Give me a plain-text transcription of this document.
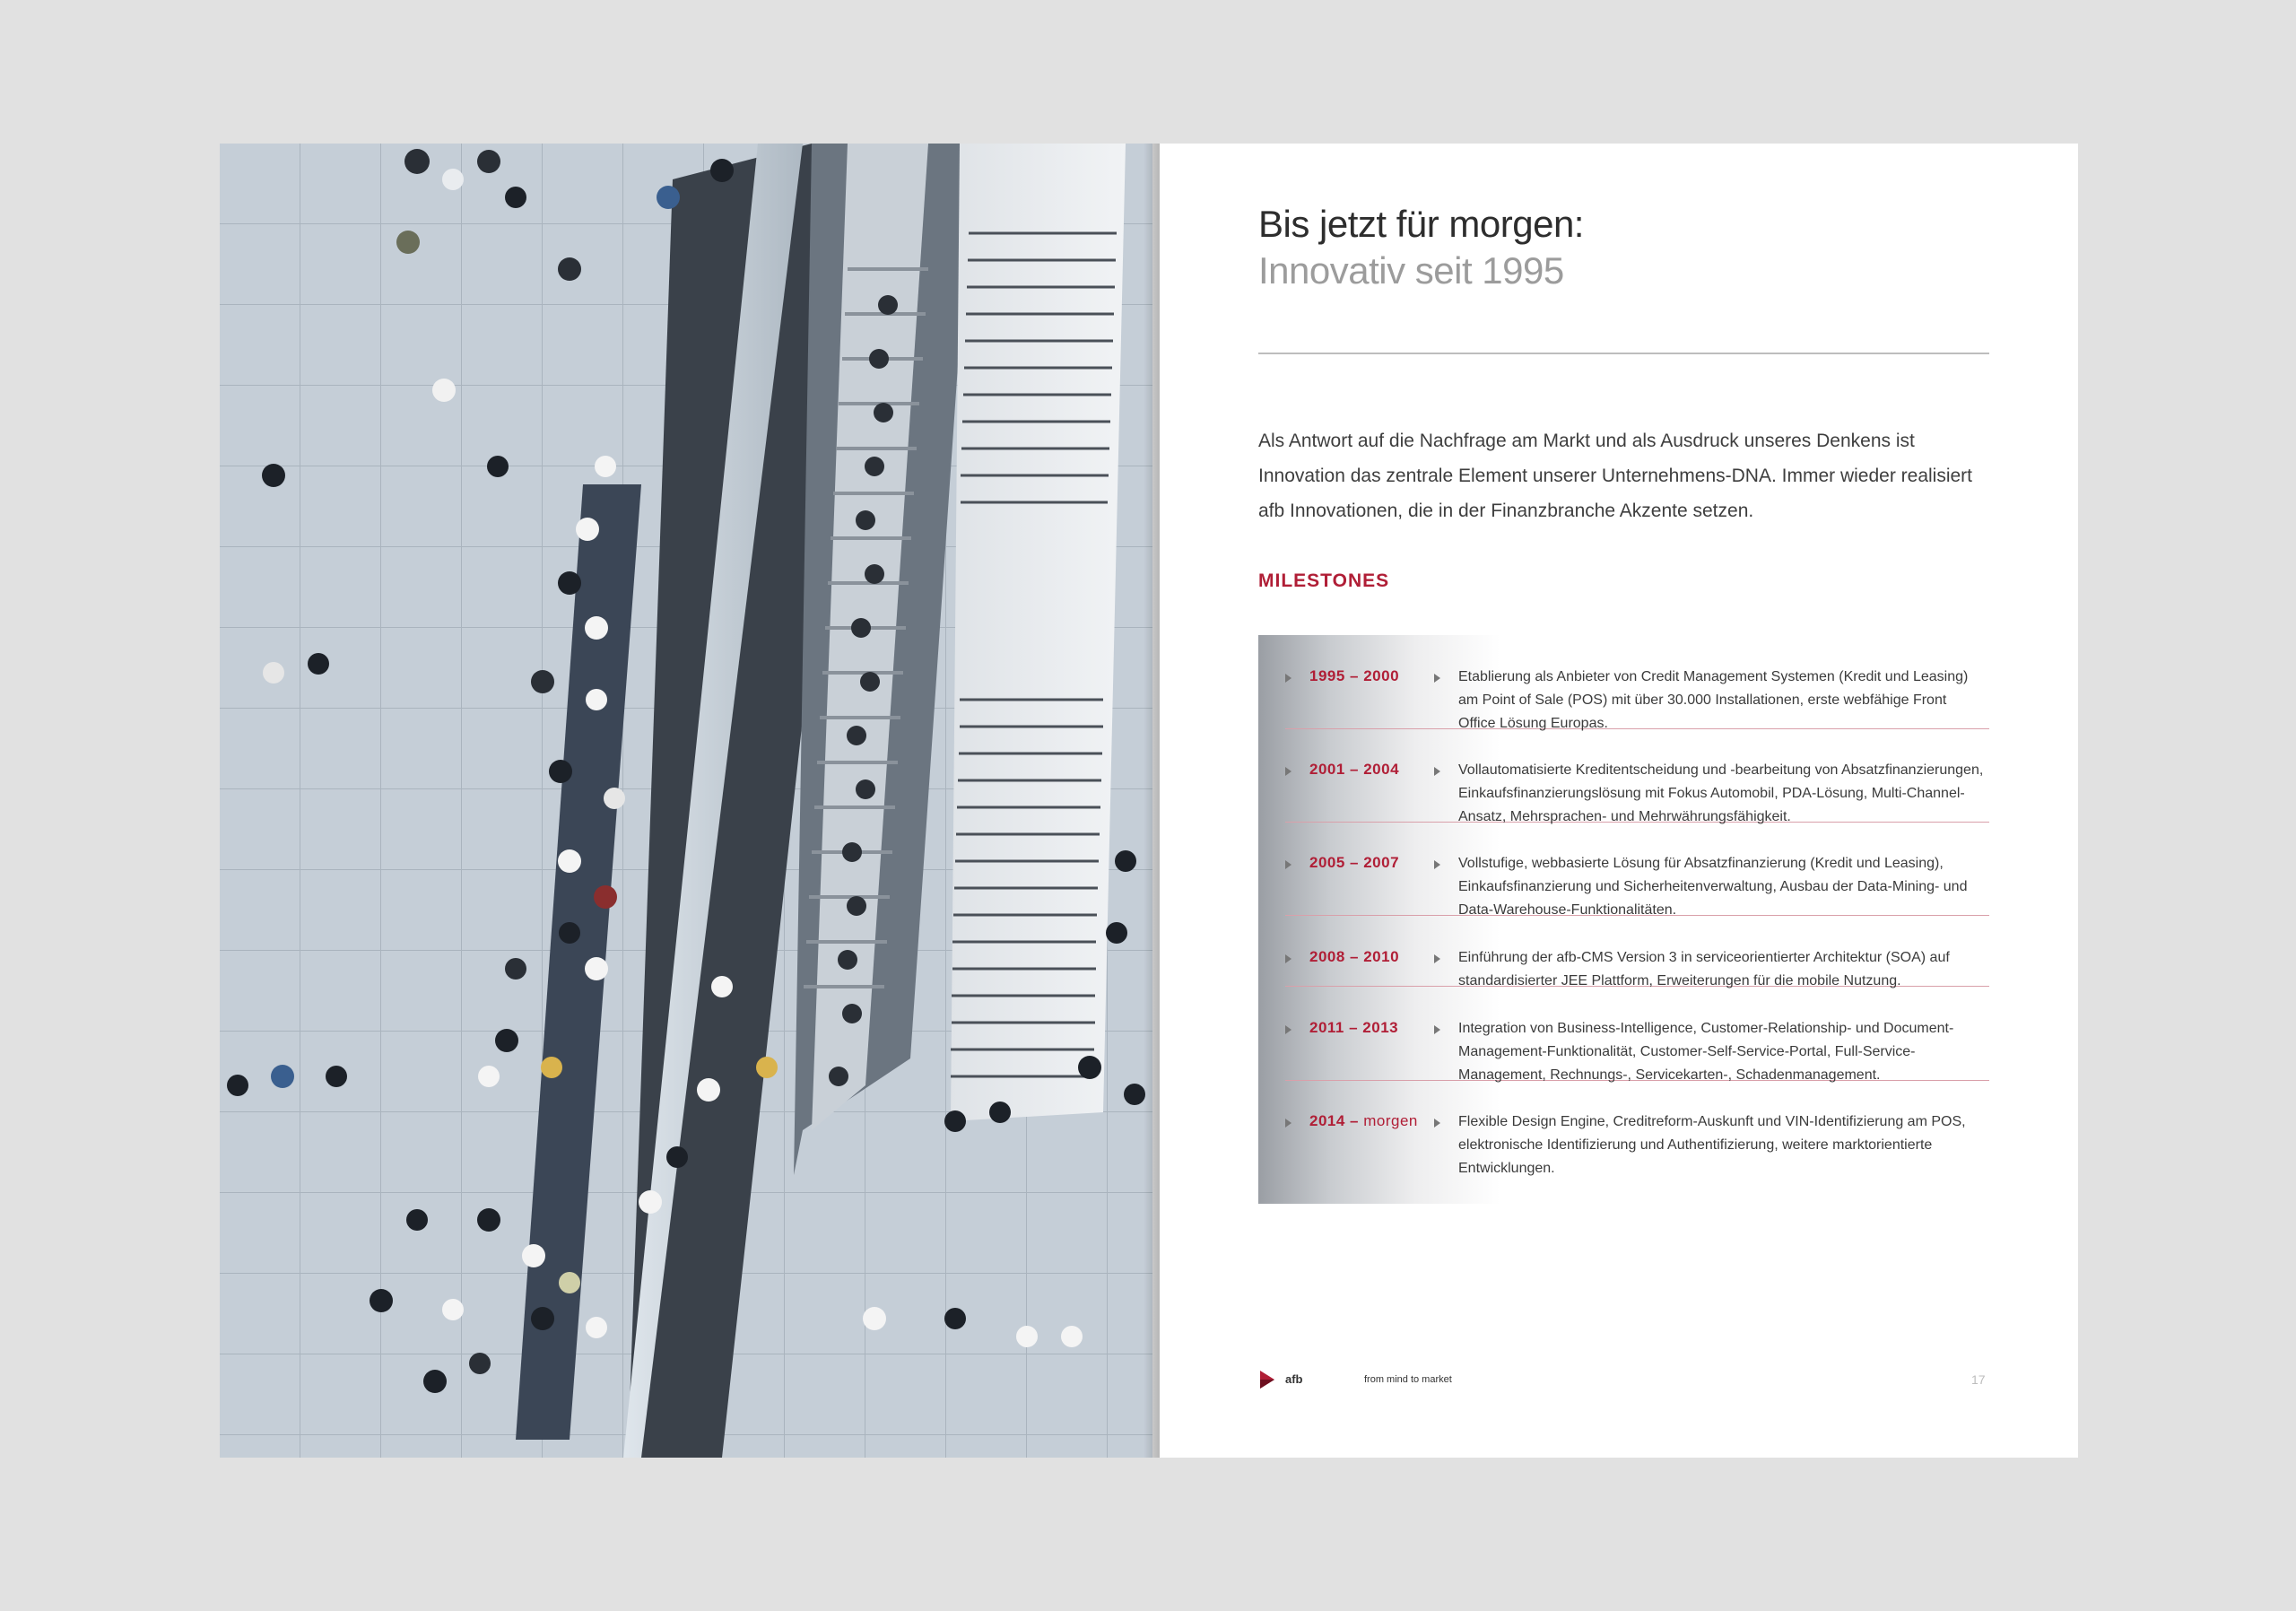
Bis jetzt für morgen:
Innovativ seit 1995
Als Antwort auf die Nachfrage am Markt und als Ausdruck unseres Denkens ist Innovation das zentrale Element unserer Unternehmens-DNA. Immer wieder realisiert afb Innovationen, die in der Finanzbranche Akzente setzen.
MILESTONES
1995 – 2000	Etablierung als Anbieter von Credit Management Systemen (Kredit und Leasing) am Point of Sale (POS) mit über 30.000 Installationen, erste webfähige Front Office Lösung Europas.
2001 – 2004	Vollautomatisierte Kreditentscheidung und -bearbeitung von Absatzfinanzierungen, Einkaufsfinanzierungslösung mit Fokus Automobil, PDA-Lösung, Multi-Channel-Ansatz, Mehrsprachen- und Mehrwährungsfähigkeit.
2005 – 2007	Vollstufige, webbasierte Lösung für Absatzfinanzierung (Kredit und Leasing), Einkaufsfinanzierung und Sicherheitenverwaltung, Ausbau der Data-Mining- und Data-Warehouse-Funktionalitäten.
2008 – 2010	Einführung der afb-CMS Version 3 in serviceorientierter Architektur (SOA) auf standardisierter JEE Plattform, Erweiterungen für die mobile Nutzung.
2011 – 2013	Integration von Business-Intelligence, Customer-Relationship- und Document-Management-Funktionalität, Customer-Self-Service-Portal, Full-Service-Management, Rechnungs-, Servicekarten-, Schadenmanagement.
2014 – morgen	Flexible Design Engine, Creditreform-Auskunft und VIN-Identifizierung am POS, elektronische Identifizierung und Authentifizierung, weitere marktorientierte Entwicklungen.
afb	from mind to market	17
